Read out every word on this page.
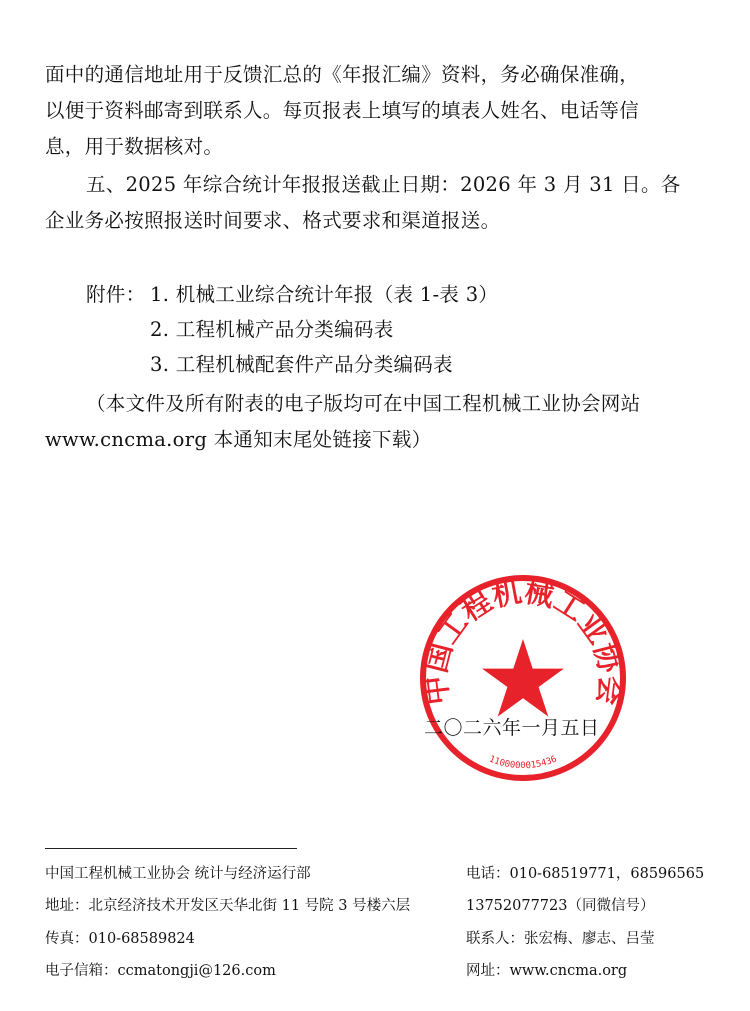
面中的通信地址用于反馈汇总的《年报汇编》资料，务必确保准确，
以便于资料邮寄到联系人。每页报表上填写的填表人姓名、电话等信
息，用于数据核对。
五、2025 年综合统计年报报送截止日期：2026 年 3 月 31 日。各
企业务必按照报送时间要求、格式要求和渠道报送。
附件： 1. 机械工业综合统计年报（表 1-表 3）
2. 工程机械产品分类编码表
3. 工程机械配套件产品分类编码表
（本文件及所有附表的电子版均可在中国工程机械工业协会网站
www.cncma.org 本通知末尾处链接下载）
中国工程机械工业协会
1100000015436
二〇二六年一月五日
中国工程机械工业协会 统计与经济运行部
地址：北京经济技术开发区天华北街 11 号院 3 号楼六层
传真：010-68589824
电子信箱：ccmatongji@126.com
电话：010-68519771，68596565
13752077723（同微信号）
联系人：张宏梅、廖志、吕莹
网址：www.cncma.org
